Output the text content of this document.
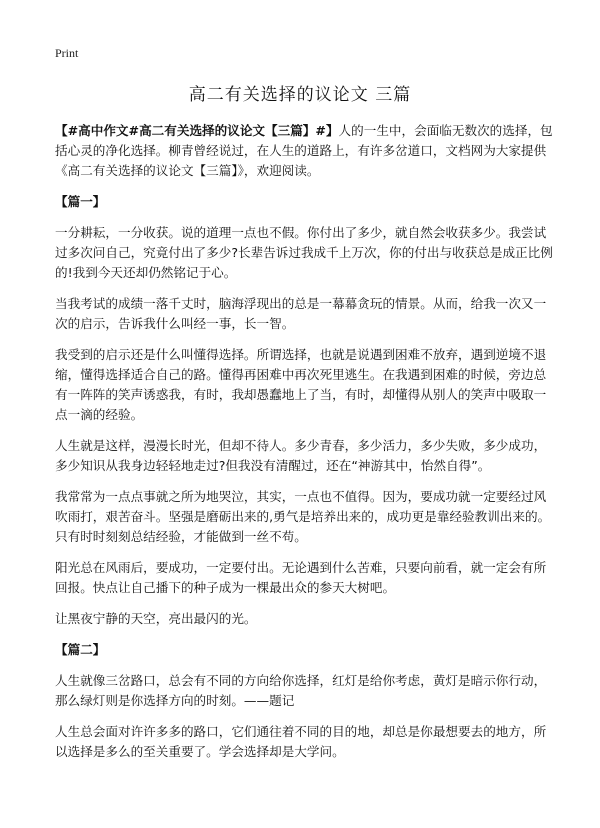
Print
高二有关选择的议论文 三篇

【#高中作文#高二有关选择的议论文【三篇】#】人的一生中，会面临无数次的选择，包括心灵的净化选择。柳青曾经说过，在人生的道路上，有许多岔道口，文档网为大家提供《高二有关选择的议论文【三篇】》，欢迎阅读。

【篇一】

一分耕耘，一分收获。说的道理一点也不假。你付出了多少，就自然会收获多少。我尝试过多次问自己，究竟付出了多少?长辈告诉过我成千上万次，你的付出与收获总是成正比例的!我到今天还却仍然铭记于心。

当我考试的成绩一落千丈时，脑海浮现出的总是一幕幕贪玩的情景。从而，给我一次又一次的启示，告诉我什么叫经一事，长一智。

我受到的启示还是什么叫懂得选择。所谓选择，也就是说遇到困难不放弃，遇到逆境不退缩，懂得选择适合自己的路。懂得再困难中再次死里逃生。在我遇到困难的时候，旁边总有一阵阵的笑声诱惑我，有时，我却愚蠢地上了当，有时，却懂得从别人的笑声中吸取一点一滴的经验。

人生就是这样，漫漫长时光，但却不待人。多少青春，多少活力，多少失败，多少成功，多少知识从我身边轻轻地走过?但我没有清醒过，还在“神游其中，怡然自得”。

我常常为一点点事就之所为地哭泣，其实，一点也不值得。因为，要成功就一定要经过风吹雨打，艰苦奋斗。坚强是磨砺出来的,勇气是培养出来的，成功更是靠经验教训出来的。只有时时刻刻总结经验，才能做到一丝不苟。

阳光总在风雨后，要成功，一定要付出。无论遇到什么苦难，只要向前看，就一定会有所回报。快点让自己播下的种子成为一棵最出众的参天大树吧。

让黑夜宁静的天空，亮出最闪的光。

【篇二】

人生就像三岔路口，总会有不同的方向给你选择，红灯是给你考虑，黄灯是暗示你行动，那么绿灯则是你选择方向的时刻。——题记

人生总会面对许许多多的路口，它们通往着不同的目的地，却总是你最想要去的地方，所以选择是多么的至关重要了。学会选择却是大学问。
